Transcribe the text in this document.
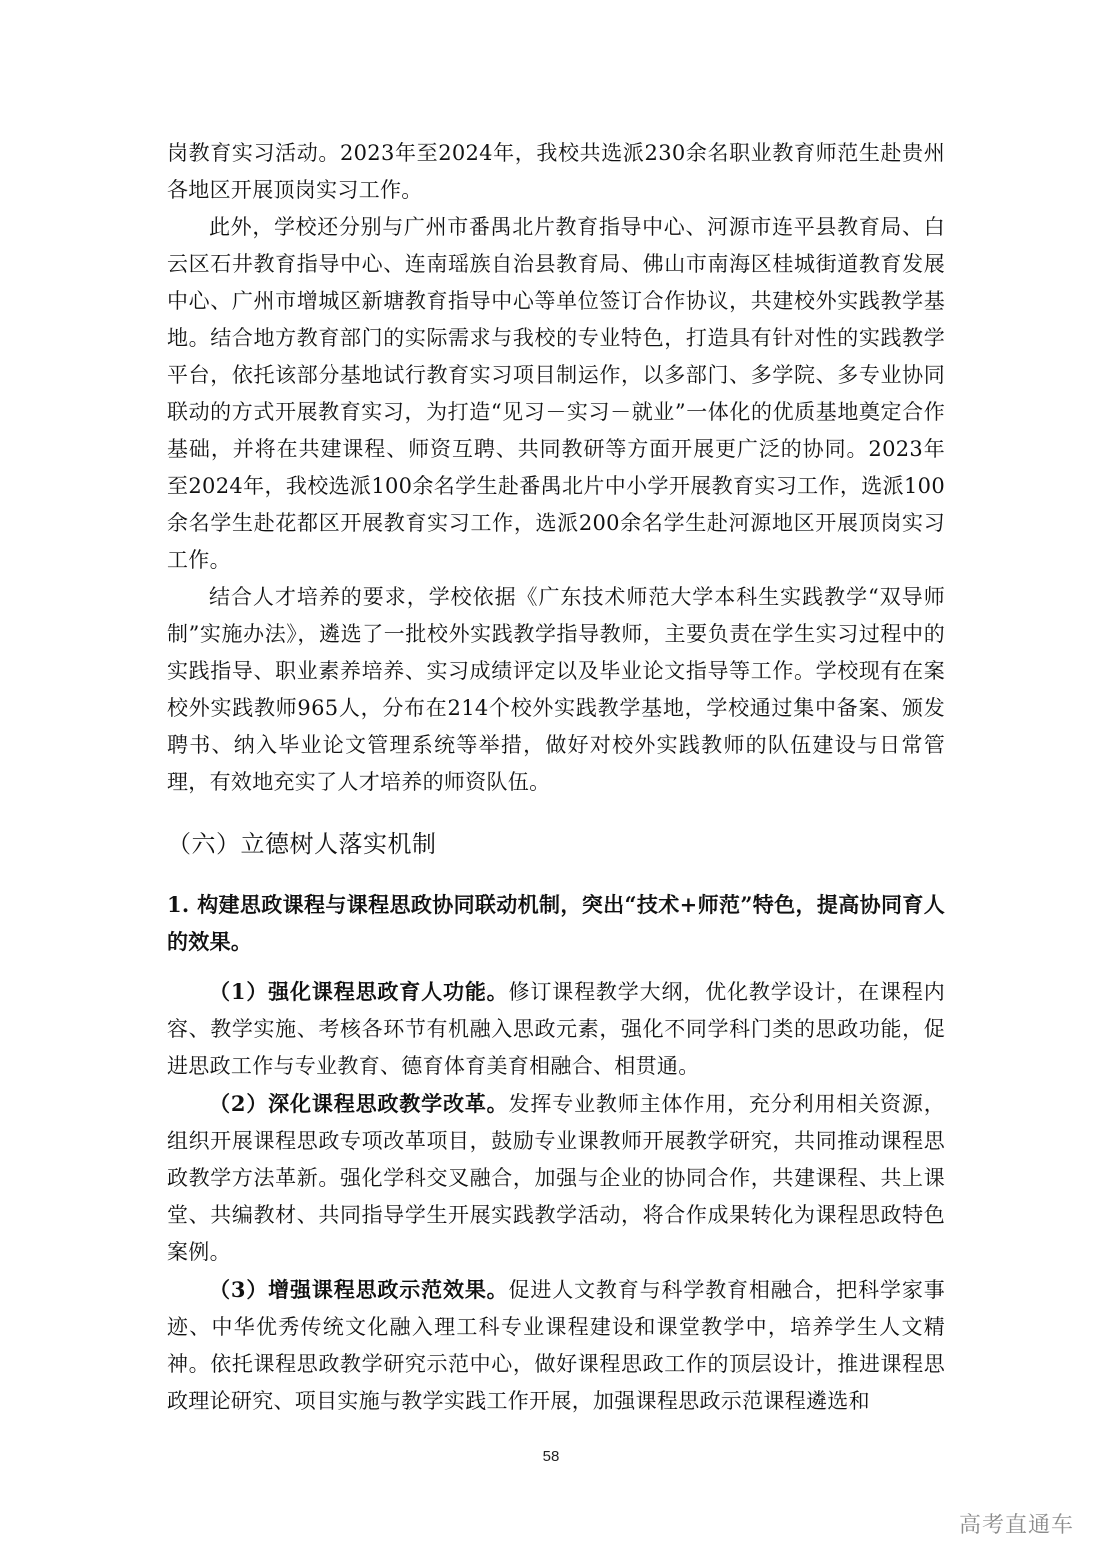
岗教育实习活动。2023年至2024年，我校共选派230余名职业教育师范生赴贵州各地区开展顶岗实习工作。

此外，学校还分别与广州市番禺北片教育指导中心、河源市连平县教育局、白云区石井教育指导中心、连南瑶族自治县教育局、佛山市南海区桂城街道教育发展中心、广州市增城区新塘教育指导中心等单位签订合作协议，共建校外实践教学基地。结合地方教育部门的实际需求与我校的专业特色，打造具有针对性的实践教学平台，依托该部分基地试行教育实习项目制运作，以多部门、多学院、多专业协同联动的方式开展教育实习，为打造“见习－实习－就业”一体化的优质基地奠定合作基础，并将在共建课程、师资互聘、共同教研等方面开展更广泛的协同。2023年至2024年，我校选派100余名学生赴番禺北片中小学开展教育实习工作，选派100余名学生赴花都区开展教育实习工作，选派200余名学生赴河源地区开展顶岗实习工作。

结合人才培养的要求，学校依据《广东技术师范大学本科生实践教学“双导师制”实施办法》，遴选了一批校外实践教学指导教师，主要负责在学生实习过程中的实践指导、职业素养培养、实习成绩评定以及毕业论文指导等工作。学校现有在案校外实践教师965人，分布在214个校外实践教学基地，学校通过集中备案、颁发聘书、纳入毕业论文管理系统等举措，做好对校外实践教师的队伍建设与日常管理，有效地充实了人才培养的师资队伍。

（六）立德树人落实机制

1. 构建思政课程与课程思政协同联动机制，突出“技术+师范”特色，提高协同育人的效果。

（1）强化课程思政育人功能。修订课程教学大纲，优化教学设计，在课程内容、教学实施、考核各环节有机融入思政元素，强化不同学科门类的思政功能，促进思政工作与专业教育、德育体育美育相融合、相贯通。

（2）深化课程思政教学改革。发挥专业教师主体作用，充分利用相关资源，组织开展课程思政专项改革项目，鼓励专业课教师开展教学研究，共同推动课程思政教学方法革新。强化学科交叉融合，加强与企业的协同合作，共建课程、共上课堂、共编教材、共同指导学生开展实践教学活动，将合作成果转化为课程思政特色案例。

（3）增强课程思政示范效果。促进人文教育与科学教育相融合，把科学家事迹、中华优秀传统文化融入理工科专业课程建设和课堂教学中，培养学生人文精神。依托课程思政教学研究示范中心，做好课程思政工作的顶层设计，推进课程思政理论研究、项目实施与教学实践工作开展，加强课程思政示范课程遴选和

58
高考直通车
